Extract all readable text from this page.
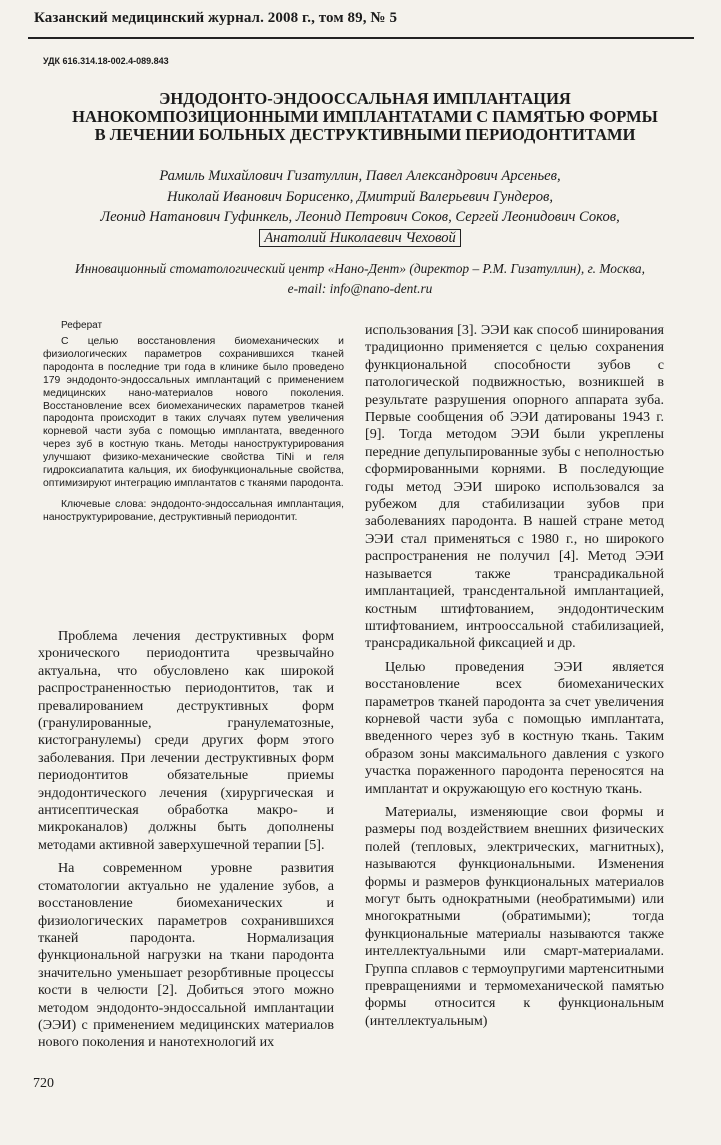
Казанский медицинский журнал. 2008 г., том 89, № 5
УДК 616.314.18-002.4-089.843
ЭНДОДОНТО-ЭНДООССАЛЬНАЯ ИМПЛАНТАЦИЯ НАНОКОМПОЗИЦИОННЫМИ ИМПЛАНТАТАМИ С ПАМЯТЬЮ ФОРМЫ В ЛЕЧЕНИИ БОЛЬНЫХ ДЕСТРУКТИВНЫМИ ПЕРИОДОНТИТАМИ
Рамиль Михайлович Гизатуллин, Павел Александрович Арсеньев,
Николай Иванович Борисенко, Дмитрий Валерьевич Гундеров,
Леонид Натанович Гуфинкель, Леонид Петрович Соков, Сергей Леонидович Соков,
Анатолий Николаевич Чеховой
Инновационный стоматологический центр «Нано-Дент» (директор – Р.М. Гизатуллин), г. Москва,
e-mail: info@nano-dent.ru
Реферат

С целью восстановления биомеханических и физиологических параметров сохранившихся тканей пародонта в последние три года в клинике было проведено 179 эндодонто-эндоссальных имплантаций с применением медицинских нано-материалов нового поколения. Восстановление всех биомеханических параметров тканей пародонта происходит в таких случаях путем увеличения корневой части зуба с помощью имплантата, введенного через зуб в костную ткань. Методы наноструктурирования улучшают физико-механические свойства TiNi и геля гидроксиапатита кальция, их биофункциональные свойства, оптимизируют интеграцию имплантатов с тканями пародонта.

Ключевые слова: эндодонто-эндоссальная имплантация, наноструктурирование, деструктивный периодонтит.

Проблема лечения деструктивных форм хронического периодонтита чрезвычайно актуальна, что обусловлено как широкой распространенностью периодонтитов, так и превалированием деструктивных форм (гранулированные, гранулематозные, кистогранулемы) среди других форм этого заболевания. При лечении деструктивных форм периодонтитов обязательные приемы эндодонтического лечения (хирургическая и антисептическая обработка макро- и микроканалов) должны быть дополнены методами активной заверхушечной терапии [5].

На современном уровне развития стоматологии актуально не удаление зубов, а восстановление биомеханических и физиологических параметров сохранившихся тканей пародонта. Нормализация функциональной нагрузки на ткани пародонта значительно уменьшает резорбтивные процессы кости в челюсти [2]. Добиться этого можно методом эндодонто-эндоссальной имплантации (ЭЭИ) с применением медицинских материалов нового поколения и нанотехнологий их

использования [3]. ЭЭИ как способ шинирования традиционно применяется с целью сохранения функциональной способности зубов с патологической подвижностью, возникшей в результате разрушения опорного аппарата зуба. Первые сообщения об ЭЭИ датированы 1943 г. [9]. Тогда методом ЭЭИ были укреплены передние депульпированные зубы с неполностью сформированными корнями. В последующие годы метод ЭЭИ широко использовался за рубежом для стабилизации зубов при заболеваниях пародонта. В нашей стране метод ЭЭИ стал применяться с 1980 г., но широкого распространения не получил [4]. Метод ЭЭИ называется также трансрадикальной имплантацией, трансдентальной имплантацией, костным штифтованием, эндодонтическим штифтованием, интрооссальной стабилизацией, трансрадикальной фиксацией и др.

Целью проведения ЭЭИ является восстановление всех биомеханических параметров тканей пародонта за счет увеличения корневой части зуба с помощью имплантата, введенного через зуб в костную ткань. Таким образом зоны максимального давления с узкого участка пораженного пародонта переносятся на имплантат и окружающую его костную ткань.

Материалы, изменяющие свои формы и размеры под воздействием внешних физических полей (тепловых, электрических, магнитных), называются функциональными. Изменения формы и размеров функциональных материалов могут быть однократными (необратимыми) или многократными (обратимыми); тогда функциональные материалы называются также интеллектуальными или смарт-материалами. Группа сплавов с термоупругими мартенситными превращениями и термомеханической памятью формы относится к функциональным (интеллектуальным)

720
